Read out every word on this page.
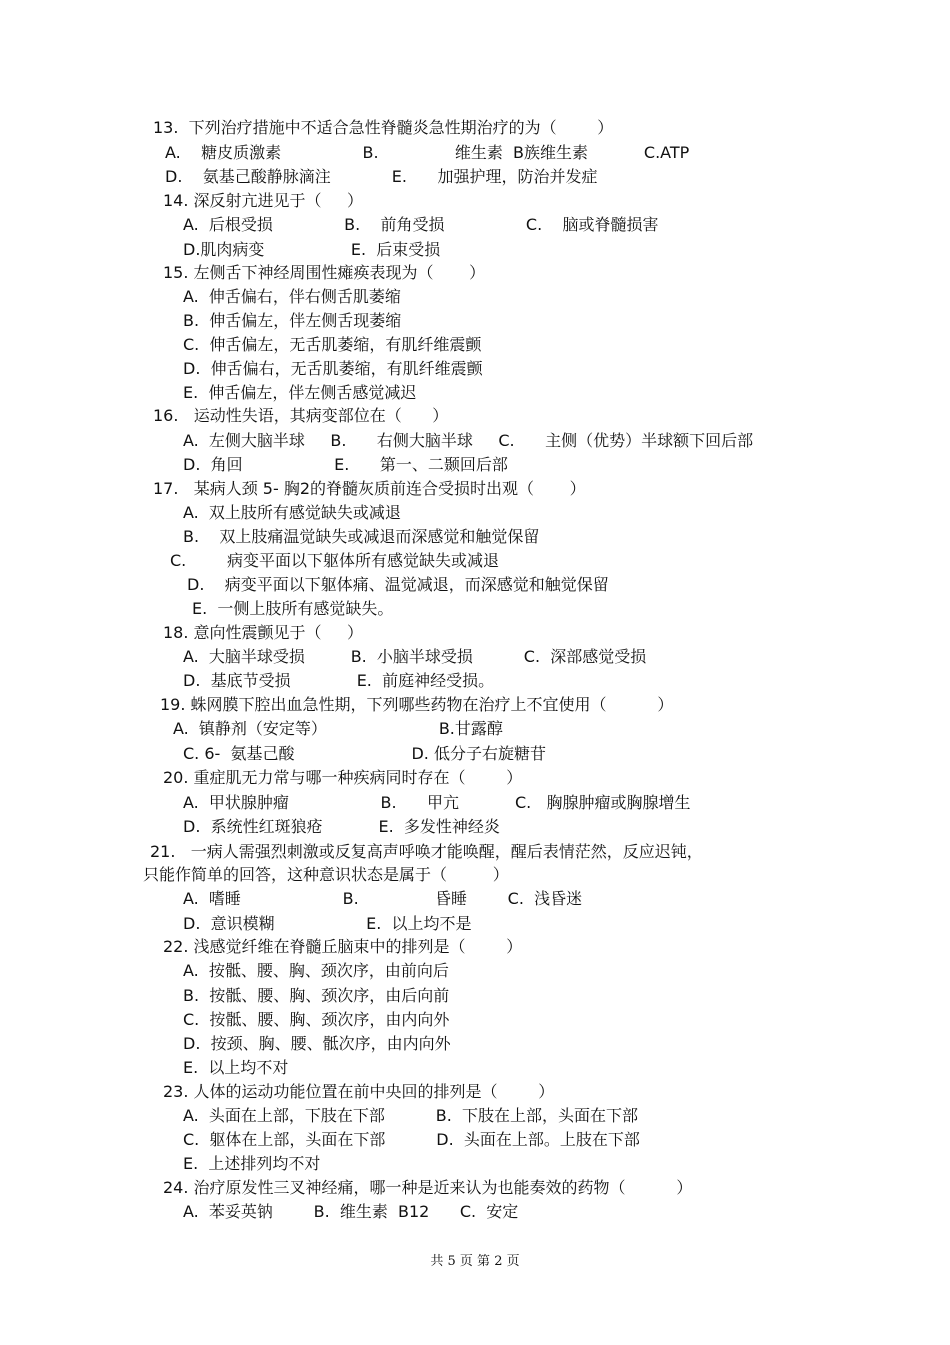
13.  下列治疗措施中不适合急性脊髓炎急性期治疗的为（        ）
A.    糖皮质激素                B.               维生素  B族维生素           C.ATP
D.    氨基己酸静脉滴注            E.      加强护理，防治并发症
14. 深反射亢进见于（     ）
A.  后根受损              B.    前角受损                C.    脑或脊髓损害
D.肌肉病变                 E.  后束受损
15. 左侧舌下神经周围性瘫痪表现为（       ）
A.  伸舌偏右，伴右侧舌肌萎缩
B.  伸舌偏左，伴左侧舌现萎缩
C.  伸舌偏左，无舌肌萎缩，有肌纤维震颤
D.  伸舌偏右，无舌肌萎缩，有肌纤维震颤
E.  伸舌偏左，伴左侧舌感觉减迟
16.   运动性失语，其病变部位在（      ）
A.  左侧大脑半球     B.      右侧大脑半球     C.      主侧（优势）半球额下回后部
D.  角回                  E.      第一、二颞回后部
17.   某病人颈 5- 胸2的脊髓灰质前连合受损时出观（       ）
A.  双上肢所有感觉缺失或减退
B.    双上肢痛温觉缺失或减退而深感觉和触觉保留
C.        病变平面以下躯体所有感觉缺失或减退
D.    病变平面以下躯体痛、温觉减退，而深感觉和触觉保留
E.  一侧上肢所有感觉缺失。
18. 意向性震颤见于（     ）
A.  大脑半球受损         B.  小脑半球受损          C.  深部感觉受损
D.  基底节受损             E.  前庭神经受损。
19. 蛛网膜下腔出血急性期，下列哪些药物在治疗上不宜使用（          ）
A.  镇静剂（安定等）                      B.甘露醇
C. 6-  氨基己酸                       D. 低分子右旋糖苷
20. 重症肌无力常与哪一种疾病同时存在（        ）
A.  甲状腺肿瘤                  B.      甲亢           C.   胸腺肿瘤或胸腺增生
D.  系统性红斑狼疮           E.  多发性神经炎
21.   一病人需强烈刺激或反复高声呼唤才能唤醒，醒后表情茫然，反应迟钝，
只能作简单的回答，这种意识状态是属于（         ）
A.  嗜睡                    B.               昏睡        C.  浅昏迷
D.  意识模糊                  E.  以上均不是
22. 浅感觉纤维在脊髓丘脑束中的排列是（        ）
A.  按骶、腰、胸、颈次序，由前向后
B.  按骶、腰、胸、颈次序，由后向前
C.  按骶、腰、胸、颈次序，由内向外
D.  按颈、胸、腰、骶次序，由内向外
E.  以上均不对
23. 人体的运动功能位置在前中央回的排列是（        ）
A.  头面在上部，下肢在下部          B.  下肢在上部，头面在下部
C.  躯体在上部，头面在下部          D.  头面在上部。上肢在下部
E.  上述排列均不对
24. 治疗原发性三叉神经痛，哪一种是近来认为也能奏效的药物（          ）
A.  苯妥英钠        B.  维生素  B12      C.  安定
共 5 页 第 2 页
